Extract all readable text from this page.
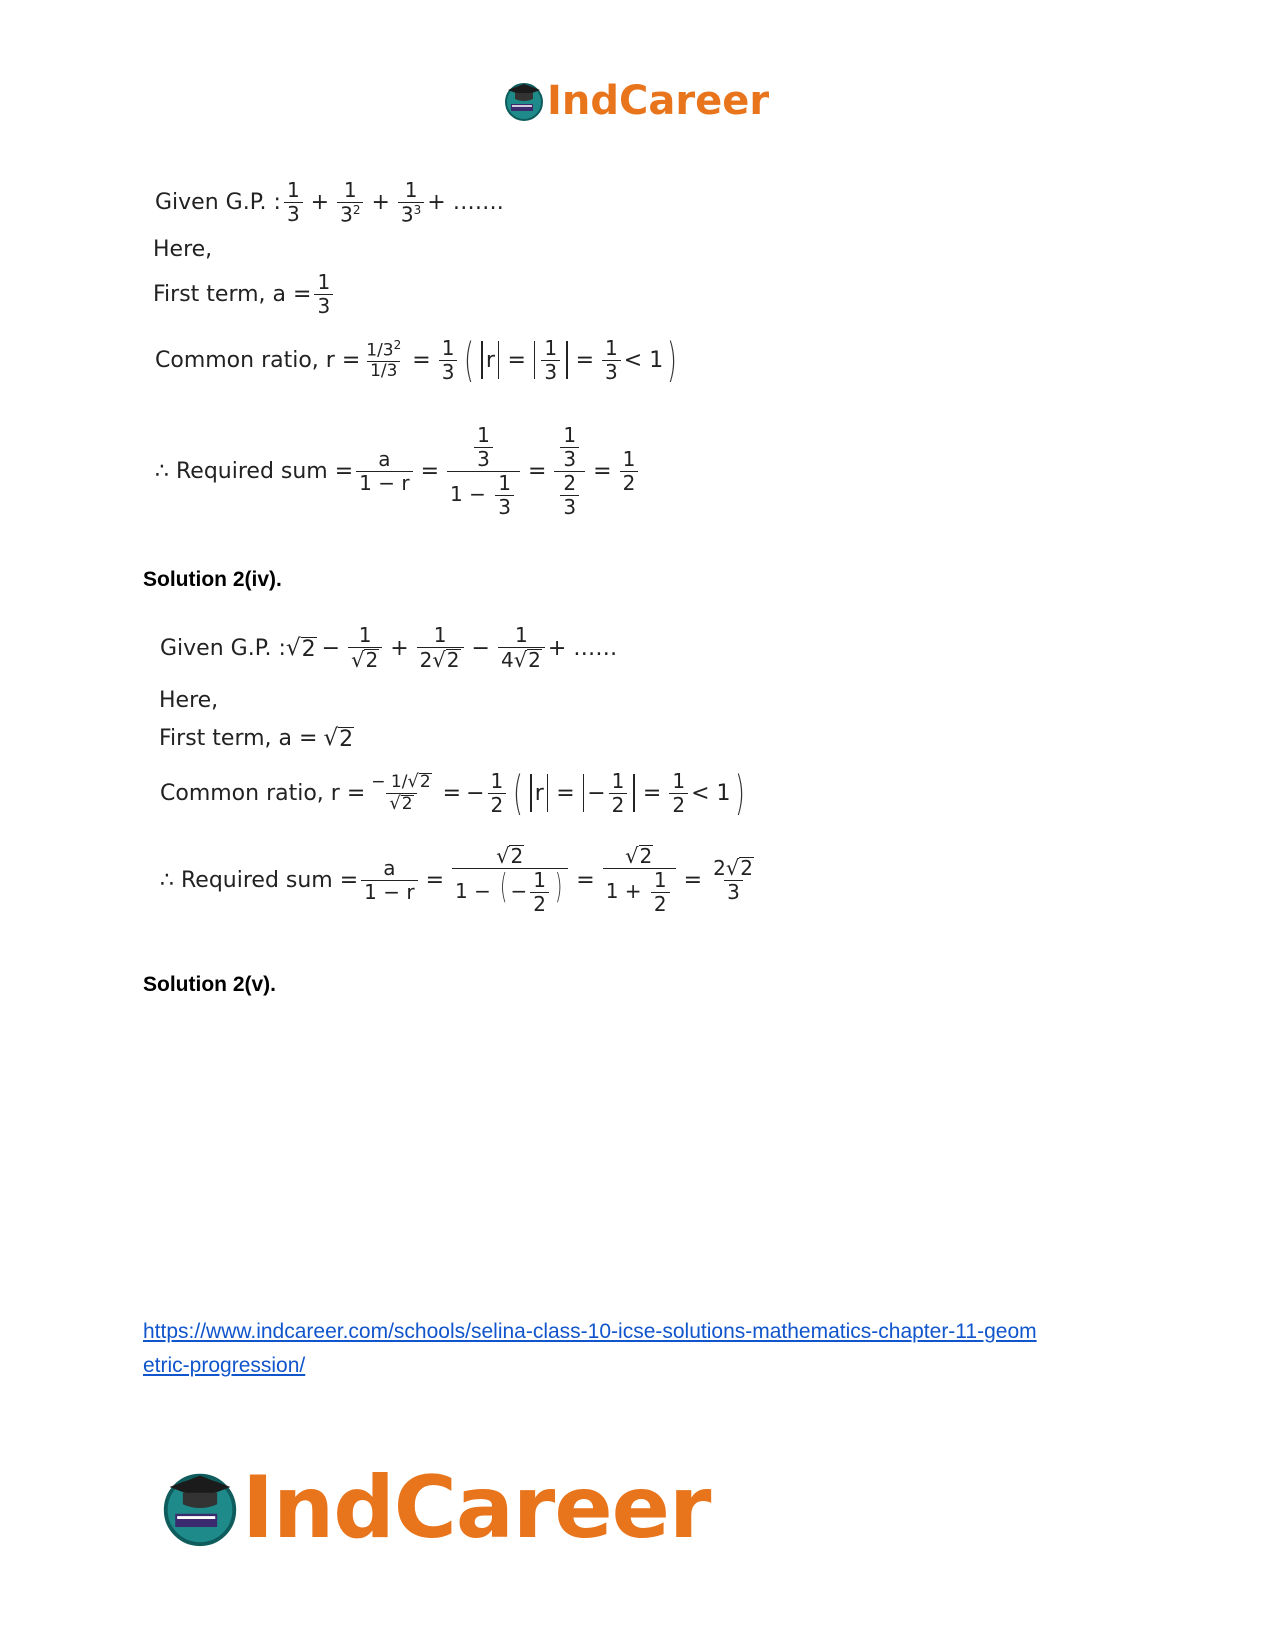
IndCareer
Given G.P. : $\frac{1}{3} + \frac{1}{3^2} + \frac{1}{3^3}$ + …….
Here,
First term, $a = \frac{1}{3}$
Common ratio, $r = \frac{1/3^2}{1/3} = \frac{1}{3}$ ( $r = \frac{1}{3} = \frac{1}{3} < 1$ )
∴ Required sum = $\frac{a}{1 - r} = \frac{\frac{1}{3}}{1 - \frac{1}{3}} = \frac{\frac{1}{3}}{\frac{2}{3}} = \frac{1}{2}$
Solution 2(iv).
Given G.P. : √ $2 - \frac{1}{√ 2} + \frac{1}{2 √ 2} - \frac{1}{4 √ 2}$ + ……
Here,
First term, a = √ 2
Common ratio, $r = \frac{- 1/ √ 2}{√ 2}$ = − $\frac{1}{2}$ ( r = − $\frac{1}{2} = \frac{1}{2} < 1$ )
∴ Required sum = $\frac{a}{1 - r} = \frac{√ 2}{1 - ( - \frac{1}{2} )} = \frac{√ 2}{1 + \frac{1}{2}} = \frac{2 √ 2}{3}$
Solution 2(v).
https://www.indcareer.com/schools/selina-class-10-icse-solutions-mathematics-chapter-11-geom
etric-progression/
IndCareer
